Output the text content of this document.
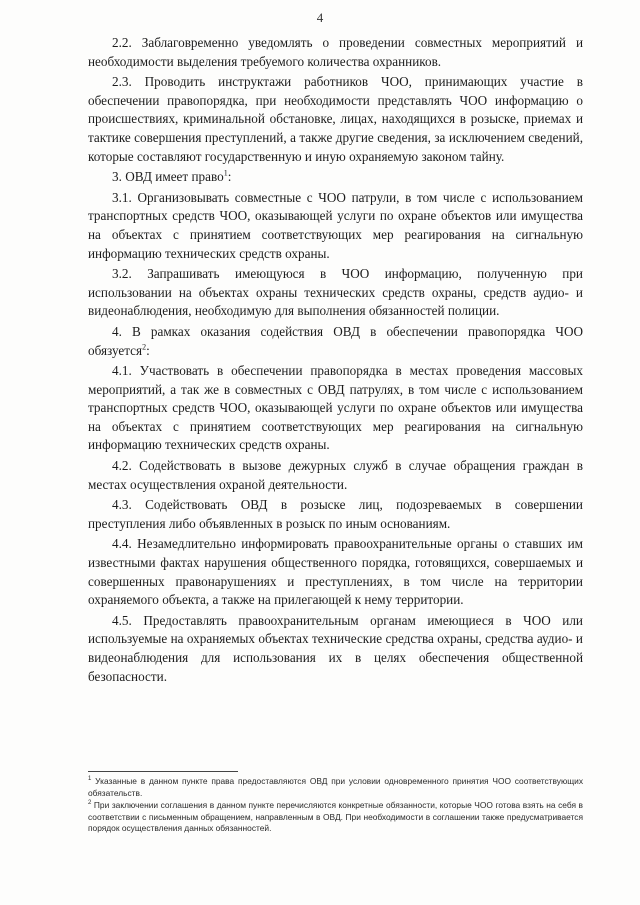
4

2.2. Заблаговременно уведомлять о проведении совместных мероприятий и необходимости выделения требуемого количества охранников.

2.3. Проводить инструктажи работников ЧОО, принимающих участие в обеспечении правопорядка, при необходимости представлять ЧОО информацию о происшествиях, криминальной обстановке, лицах, находящихся в розыске, приемах и тактике совершения преступлений, а также другие сведения, за исключением сведений, которые составляют государственную и иную охраняемую законом тайну.

3. ОВД имеет право$^1$:

3.1. Организовывать совместные с ЧОО патрули, в том числе с использованием транспортных средств ЧОО, оказывающей услуги по охране объектов или имущества на объектах с принятием соответствующих мер реагирования на сигнальную информацию технических средств охраны.

3.2. Запрашивать имеющуюся в ЧОО информацию, полученную при использовании на объектах охраны технических средств охраны, средств аудио- и видеонаблюдения, необходимую для выполнения обязанностей полиции.

4. В рамках оказания содействия ОВД в обеспечении правопорядка ЧОО обязуется$^2$:

4.1. Участвовать в обеспечении правопорядка в местах проведения массовых мероприятий, а так же в совместных с ОВД патрулях, в том числе с использованием транспортных средств ЧОО, оказывающей услуги по охране объектов или имущества на объектах с принятием соответствующих мер реагирования на сигнальную информацию технических средств охраны.

4.2. Содействовать в вызове дежурных служб в случае обращения граждан в местах осуществления охраной деятельности.

4.3. Содействовать ОВД в розыске лиц, подозреваемых в совершении преступления либо объявленных в розыск по иным основаниям.

4.4. Незамедлительно информировать правоохранительные органы о ставших им известными фактах нарушения общественного порядка, готовящихся, совершаемых и совершенных правонарушениях и преступлениях, в том числе на территории охраняемого объекта, а также на прилегающей к нему территории.

4.5. Предоставлять правоохранительным органам имеющиеся в ЧОО или используемые на охраняемых объектах технические средства охраны, средства аудио- и видеонаблюдения для использования их в целях обеспечения общественной безопасности.

$^1$ Указанные в данном пункте права предоставляются ОВД при условии одновременного принятия ЧОО соответствующих обязательств.

$^2$ При заключении соглашения в данном пункте перечисляются конкретные обязанности, которые ЧОО готова взять на себя в соответствии с письменным обращением, направленным в ОВД. При необходимости в соглашении также предусматривается порядок осуществления данных обязанностей.
